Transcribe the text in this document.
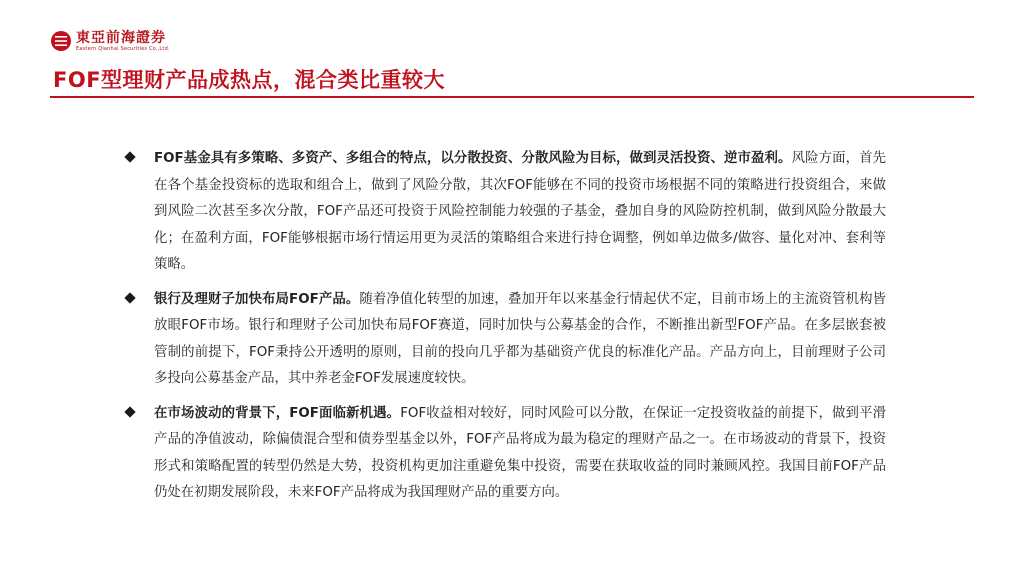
東亞前海證券
Eastern Qianhai Securities Co.,Ltd.
FOF型理财产品成热点，混合类比重较大
FOF基金具有多策略、多资产、多组合的特点，以分散投资、分散风险为目标，做到灵活投资、逆市盈利。风险方面，首先在各个基金投资标的选取和组合上，做到了风险分散，其次FOF能够在不同的投资市场根据不同的策略进行投资组合，来做到风险二次甚至多次分散，FOF产品还可投资于风险控制能力较强的子基金，叠加自身的风险防控机制，做到风险分散最大化；在盈利方面，FOF能够根据市场行情运用更为灵活的策略组合来进行持仓调整，例如单边做多/做容、量化对冲、套利等策略。
银行及理财子加快布局FOF产品。随着净值化转型的加速，叠加开年以来基金行情起伏不定，目前市场上的主流资管机构皆放眼FOF市场。银行和理财子公司加快布局FOF赛道，同时加快与公募基金的合作，不断推出新型FOF产品。在多层嵌套被管制的前提下，FOF秉持公开透明的原则，目前的投向几乎都为基础资产优良的标准化产品。产品方向上，目前理财子公司多投向公募基金产品，其中养老金FOF发展速度较快。
在市场波动的背景下，FOF面临新机遇。FOF收益相对较好，同时风险可以分散，在保证一定投资收益的前提下，做到平滑产品的净值波动，除偏债混合型和债券型基金以外，FOF产品将成为最为稳定的理财产品之一。在市场波动的背景下，投资形式和策略配置的转型仍然是大势，投资机构更加注重避免集中投资，需要在获取收益的同时兼顾风控。我国目前FOF产品仍处在初期发展阶段，未来FOF产品将成为我国理财产品的重要方向。
